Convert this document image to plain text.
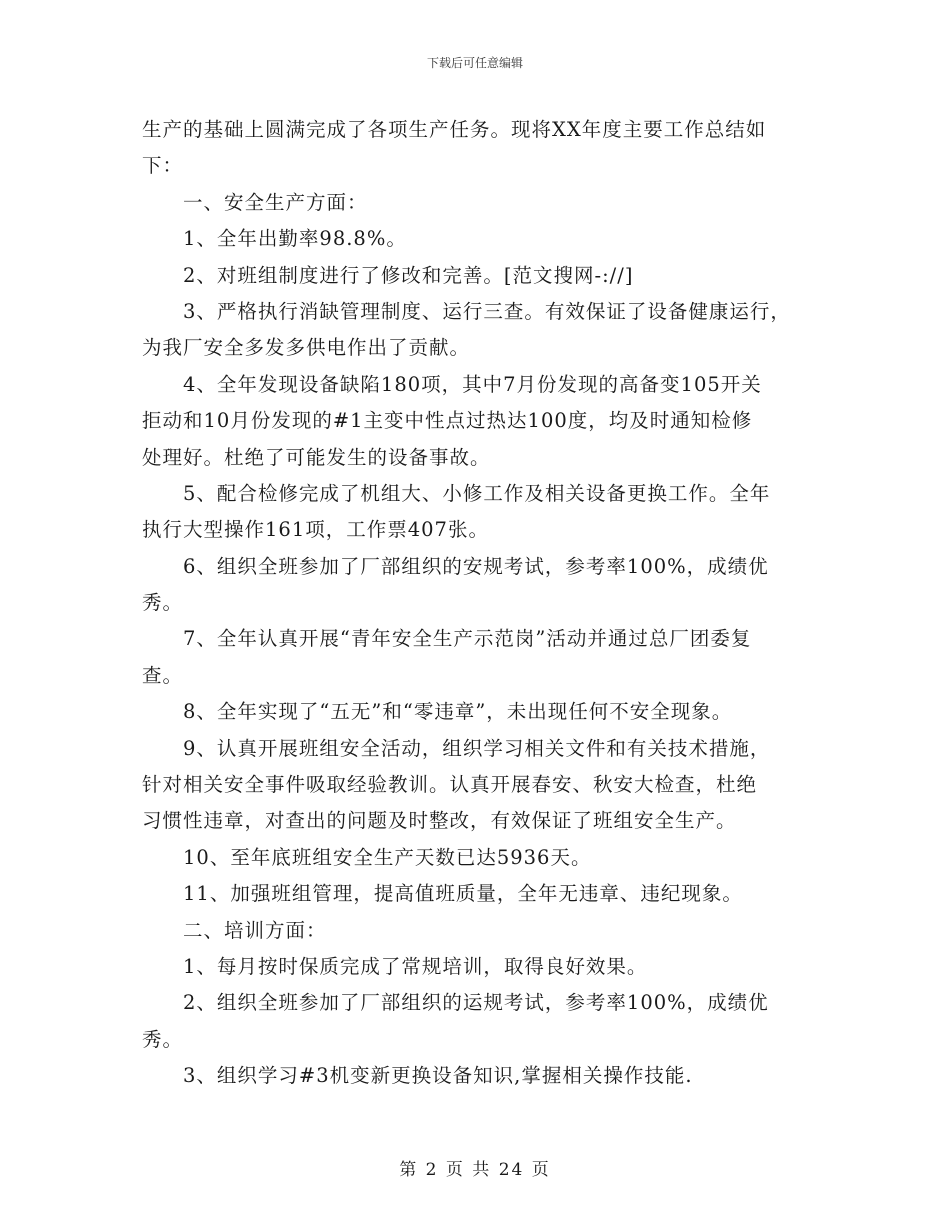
下载后可任意编辑
生产的基础上圆满完成了各项生产任务。现将XX年度主要工作总结如
下：
　　一、安全生产方面：
　　1、全年出勤率98.8%。
　　2、对班组制度进行了修改和完善。[范文搜网-://]
　　3、严格执行消缺管理制度、运行三查。有效保证了设备健康运行，
为我厂安全多发多供电作出了贡献。
　　4、全年发现设备缺陷180项，其中7月份发现的高备变105开关
拒动和10月份发现的#1主变中性点过热达100度，均及时通知检修
处理好。杜绝了可能发生的设备事故。
　　5、配合检修完成了机组大、小修工作及相关设备更换工作。全年
执行大型操作161项，工作票407张。
　　6、组织全班参加了厂部组织的安规考试，参考率100%，成绩优
秀。
　　7、全年认真开展“青年安全生产示范岗”活动并通过总厂团委复
查。
　　8、全年实现了“五无”和“零违章”，未出现任何不安全现象。
　　9、认真开展班组安全活动，组织学习相关文件和有关技术措施，
针对相关安全事件吸取经验教训。认真开展春安、秋安大检查，杜绝
习惯性违章，对查出的问题及时整改，有效保证了班组安全生产。
　　10、至年底班组安全生产天数已达5936天。
　　11、加强班组管理，提高值班质量，全年无违章、违纪现象。
　　二、培训方面：
　　1、每月按时保质完成了常规培训，取得良好效果。
　　2、组织全班参加了厂部组织的运规考试，参考率100%，成绩优
秀。
　　3、组织学习#3机变新更换设备知识,掌握相关操作技能.
第 2 页 共 24 页
